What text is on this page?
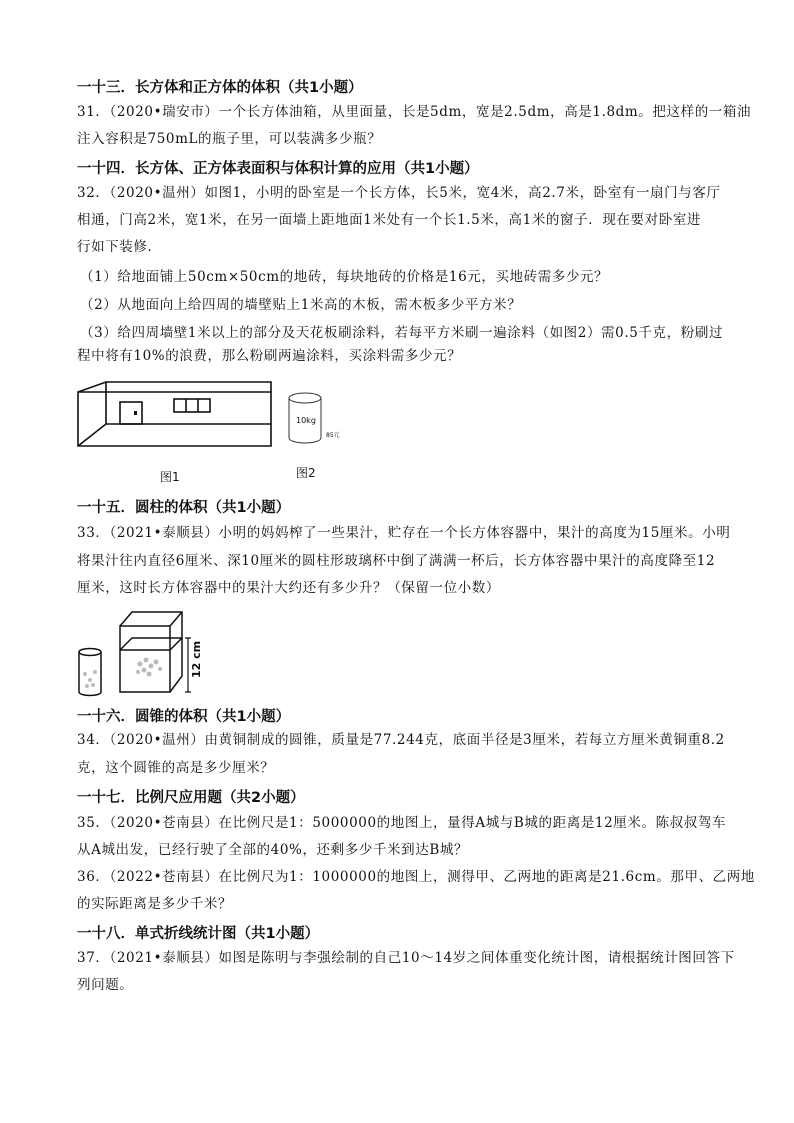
一十三．长方体和正方体的体积（共1小题）
31．（2020•瑞安市）一个长方体油箱，从里面量，长是5dm，宽是2.5dm，高是1.8dm。把这样的一箱油
注入容积是750mL的瓶子里，可以装满多少瓶？
一十四．长方体、正方体表面积与体积计算的应用（共1小题）
32．（2020•温州）如图1，小明的卧室是一个长方体，长5米，宽4米，高2.7米，卧室有一扇门与客厅
相通，门高2米，宽1米，在另一面墙上距地面1米处有一个长1.5米，高1米的窗子．现在要对卧室进
行如下装修．
（1）给地面铺上50cm×50cm的地砖，每块地砖的价格是16元，买地砖需多少元？
（2）从地面向上给四周的墙壁贴上1米高的木板，需木板多少平方米？
（3）给四周墙壁1米以上的部分及天花板刷涂料，若每平方米刷一遍涂料（如图2）需0.5千克，粉刷过
程中将有10%的浪费，那么粉刷两遍涂料，买涂料需多少元？
图1
10kg
85元
图2
一十五．圆柱的体积（共1小题）
33．（2021•泰顺县）小明的妈妈榨了一些果汁，贮存在一个长方体容器中，果汁的高度为15厘米。小明
将果汁往内直径6厘米、深10厘米的圆柱形玻璃杯中倒了满满一杯后，长方体容器中果汁的高度降至12
厘米，这时长方体容器中的果汁大约还有多少升？（保留一位小数）
12 cm
一十六．圆锥的体积（共1小题）
34．（2020•温州）由黄铜制成的圆锥，质量是77.244克，底面半径是3厘米，若每立方厘米黄铜重8.2
克，这个圆锥的高是多少厘米？
一十七．比例尺应用题（共2小题）
35．（2020•苍南县）在比例尺是1：5000000的地图上，量得A城与B城的距离是12厘米。陈叔叔驾车
从A城出发，已经行驶了全部的40%，还剩多少千米到达B城？
36．（2022•苍南县）在比例尺为1：1000000的地图上，测得甲、乙两地的距离是21.6cm。那甲、乙两地
的实际距离是多少千米？
一十八．单式折线统计图（共1小题）
37．（2021•泰顺县）如图是陈明与李强绘制的自己10～14岁之间体重变化统计图，请根据统计图回答下
列问题。
